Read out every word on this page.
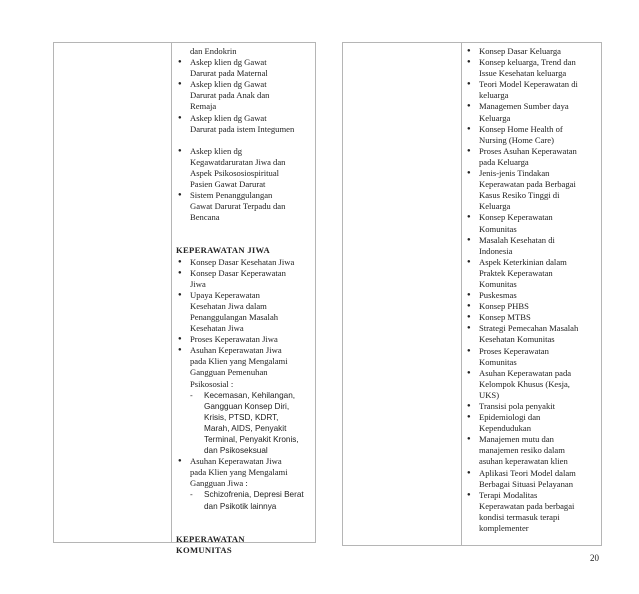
dan Endokrin
● Askep klien dg Gawat
Darurat pada Maternal
● Askep klien dg Gawat
Darurat pada Anak dan
Remaja
● Askep klien dg Gawat
Darurat pada istem Integumen
● Askep klien dg
Kegawatdaruratan Jiwa dan
Aspek Psikososiospiritual
Pasien Gawat Darurat
● Sistem Penanggulangan
Gawat Darurat Terpadu dan
Bencana
KEPERAWATAN JIWA
● Konsep Dasar Kesehatan Jiwa
● Konsep Dasar Keperawatan
Jiwa
● Upaya Keperawatan
Kesehatan Jiwa dalam
Penanggulangan Masalah
Kesehatan Jiwa
● Proses Keperawatan Jiwa
● Asuhan Keperawatan Jiwa
pada Klien yang Mengalami
Gangguan Pemenuhan
Psikososial :
- Kecemasan, Kehilangan,
Gangguan Konsep Diri,
Krisis, PTSD, KDRT,
Marah, AIDS, Penyakit
Terminal, Penyakit Kronis,
dan Psikoseksual
● Asuhan Keperawatan Jiwa
pada Klien yang Mengalami
Gangguan Jiwa :
- Schizofrenia, Depresi Berat
dan Psikotik lainnya
KEPERAWATAN
KOMUNITAS
● Konsep Dasar Keluarga
● Konsep keluarga, Trend dan
Issue Kesehatan keluarga
● Teori Model Keperawatan di
keluarga
● Managemen Sumber daya
Keluarga
● Konsep Home Health of
Nursing (Home Care)
● Proses Asuhan Keperawatan
pada Keluarga
● Jenis-jenis Tindakan
Keperawatan pada Berbagai
Kasus Resiko Tinggi di
Keluarga
● Konsep Keperawatan
Komunitas
● Masalah Kesehatan di
Indonesia
● Aspek Keterkinian dalam
Praktek Keperawatan
Komunitas
● Puskesmas
● Konsep PHBS
● Konsep MTBS
● Strategi Pemecahan Masalah
Kesehatan Komunitas
● Proses Keperawatan
Komunitas
● Asuhan Keperawatan pada
Kelompok Khusus (Kesja,
UKS)
● Transisi pola penyakit
● Epidemiologi dan
Kependudukan
● Manajemen mutu dan
manajemen resiko dalam
asuhan keperawatan klien
● Aplikasi Teori Model dalam
Berbagai Situasi Pelayanan
● Terapi Modalitas
Keperawatan pada berbagai
kondisi termasuk terapi
komplementer
20
